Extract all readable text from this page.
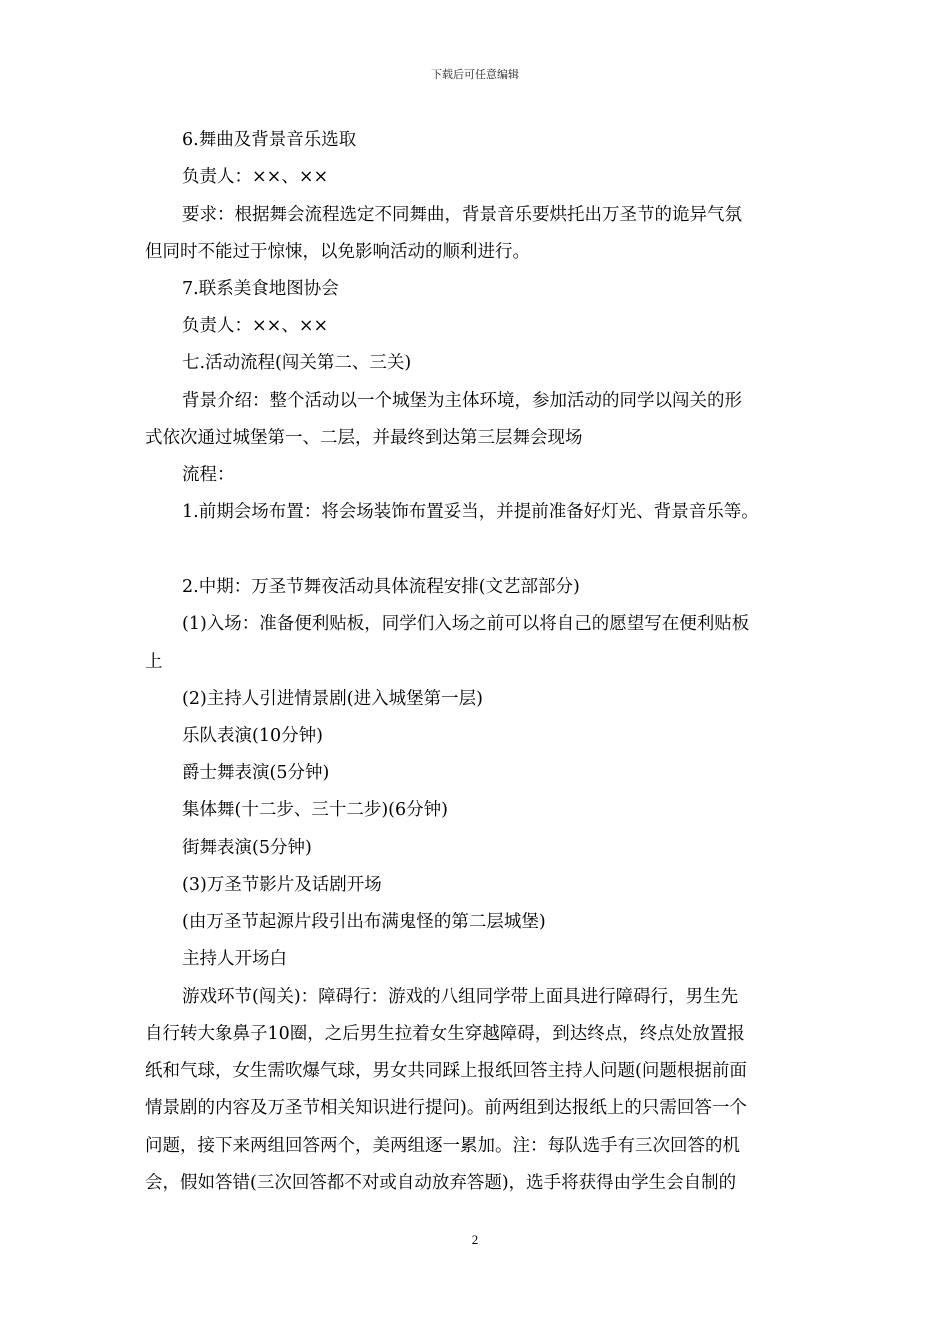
下载后可任意编辑
6.舞曲及背景音乐选取
负责人：××、××
要求：根据舞会流程选定不同舞曲，背景音乐要烘托出万圣节的诡异气氛
但同时不能过于惊悚，以免影响活动的顺利进行。
7.联系美食地图协会
负责人：××、××
七.活动流程(闯关第二、三关)
背景介绍：整个活动以一个城堡为主体环境，参加活动的同学以闯关的形
式依次通过城堡第一、二层，并最终到达第三层舞会现场
流程：
1.前期会场布置：将会场装饰布置妥当，并提前准备好灯光、背景音乐等。
2.中期：万圣节舞夜活动具体流程安排(文艺部部分)
(1)入场：准备便利贴板，同学们入场之前可以将自己的愿望写在便利贴板
上
(2)主持人引进情景剧(进入城堡第一层)
乐队表演(10分钟)
爵士舞表演(5分钟)
集体舞(十二步、三十二步)(6分钟)
街舞表演(5分钟)
(3)万圣节影片及话剧开场
(由万圣节起源片段引出布满鬼怪的第二层城堡)
主持人开场白
游戏环节(闯关)：障碍行：游戏的八组同学带上面具进行障碍行，男生先
自行转大象鼻子10圈，之后男生拉着女生穿越障碍，到达终点，终点处放置报
纸和气球，女生需吹爆气球，男女共同踩上报纸回答主持人问题(问题根据前面
情景剧的内容及万圣节相关知识进行提问)。前两组到达报纸上的只需回答一个
问题，接下来两组回答两个，美两组逐一累加。注：每队选手有三次回答的机
会，假如答错(三次回答都不对或自动放弃答题)，选手将获得由学生会自制的
2
